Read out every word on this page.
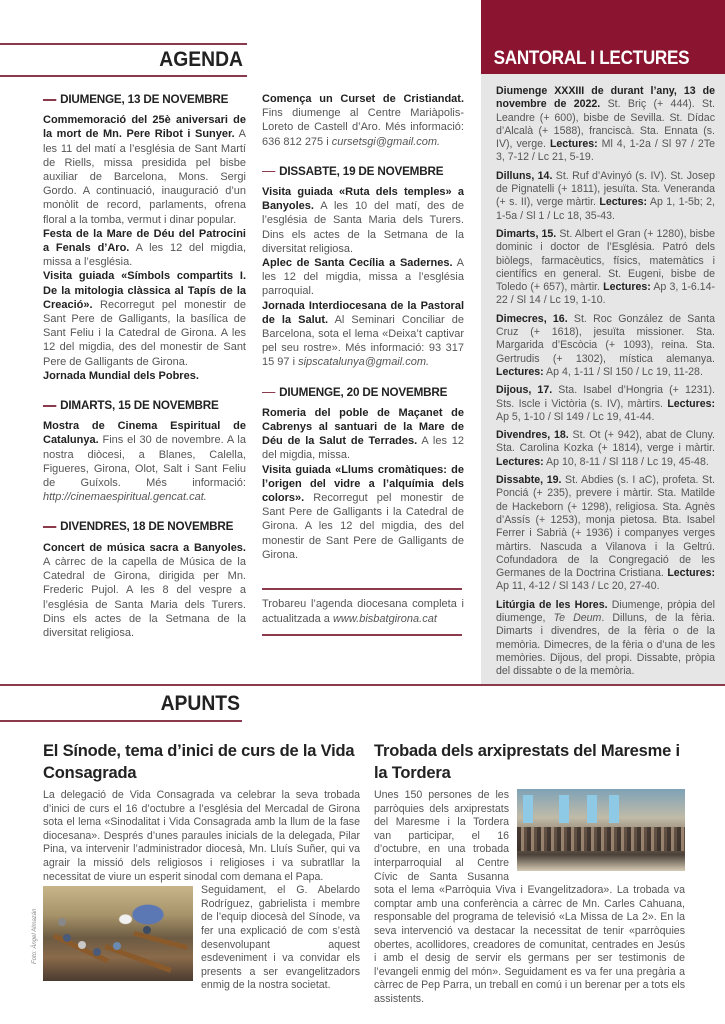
AGENDA
DIUMENGE, 13 DE NOVEMBRE

Commemoració del 25è aniversari de la mort de Mn. Pere Ribot i Sunyer. A les 11 del matí a l’església de Sant Martí de Riells, missa presidida pel bisbe auxiliar de Barcelona, Mons. Sergi Gordo. A continuació, inauguració d’un monòlit de record, parlaments, ofrena floral a la tomba, vermut i dinar popular.

Festa de la Mare de Déu del Patrocini a Fenals d’Aro. A les 12 del migdia, missa a l’església.

Visita guiada «Símbols compartits I. De la mitologia clàssica al Tapís de la Creació». Recorregut pel monestir de Sant Pere de Galligants, la basílica de Sant Feliu i la Catedral de Girona. A les 12 del migdia, des del monestir de Sant Pere de Galligants de Girona.

Jornada Mundial dels Pobres.

DIMARTS, 15 DE NOVEMBRE

Mostra de Cinema Espiritual de Catalunya. Fins el 30 de novembre. A la nostra diòcesi, a Blanes, Calella, Figueres, Girona, Olot, Salt i Sant Feliu de Guíxols. Més informació: http://cinemaespiritual.gencat.cat.

DIVENDRES, 18 DE NOVEMBRE

Concert de música sacra a Banyoles. A càrrec de la capella de Música de la Catedral de Girona, dirigida per Mn. Frederic Pujol. A les 8 del vespre a l’església de Santa Maria dels Turers. Dins els actes de la Setmana de la diversitat religiosa.

Comença un Curset de Cristiandat. Fins diumenge al Centre Mariàpolis-Loreto de Castell d’Aro. Més informació: 636 812 275 i cursetsgi@gmail.com.

DISSABTE, 19 DE NOVEMBRE

Visita guiada «Ruta dels temples» a Banyoles. A les 10 del matí, des de l’església de Santa Maria dels Turers. Dins els actes de la Setmana de la diversitat religiosa.

Aplec de Santa Cecília a Sadernes. A les 12 del migdia, missa a l’església parroquial.

Jornada Interdiocesana de la Pastoral de la Salut. Al Seminari Conciliar de Barcelona, sota el lema «Deixa’t captivar pel seu rostre». Més informació: 93 317 15 97 i sipscatalunya@gmail.com.

DIUMENGE, 20 DE NOVEMBRE

Romeria del poble de Maçanet de Cabrenys al santuari de la Mare de Déu de la Salut de Terrades. A les 12 del migdia, missa.

Visita guiada «Llums cromàtiques: de l’origen del vidre a l’alquímia dels colors». Recorregut pel monestir de Sant Pere de Galligants i la Catedral de Girona. A les 12 del migdia, des del monestir de Sant Pere de Galligants de Girona.

Trobareu l’agenda diocesana completa i actualitzada a www.bisbatgirona.cat

SANTORAL I LECTURES

Diumenge XXXIII de durant l’any, 13 de novembre de 2022. St. Briç (+ 444). St. Leandre (+ 600), bisbe de Sevilla. St. Dídac d’Alcalà (+ 1588), franciscà. Sta. Ennata (s. IV), verge. Lectures: Ml 4, 1-2a / Sl 97 / 2Te 3, 7-12 / Lc 21, 5-19.

Dilluns, 14. St. Ruf d’Avinyó (s. IV). St. Josep de Pignatelli (+ 1811), jesuïta. Sta. Veneranda (+ s. II), verge màrtir. Lectures: Ap 1, 1-5b; 2, 1-5a / Sl 1 / Lc 18, 35-43.

Dimarts, 15. St. Albert el Gran (+ 1280), bisbe dominic i doctor de l’Església. Patró dels biòlegs, farmacèutics, físics, matemàtics i científics en general. St. Eugeni, bisbe de Toledo (+ 657), màrtir. Lectures: Ap 3, 1-6.14-22 / Sl 14 / Lc 19, 1-10.

Dimecres, 16. St. Roc González de Santa Cruz (+ 1618), jesuïta missioner. Sta. Margarida d’Escòcia (+ 1093), reina. Sta. Gertrudis (+ 1302), mística alemanya. Lectures: Ap 4, 1-11 / Sl 150 / Lc 19, 11-28.

Dijous, 17. Sta. Isabel d’Hongria (+ 1231). Sts. Iscle i Victòria (s. IV), màrtirs. Lectures: Ap 5, 1-10 / Sl 149 / Lc 19, 41-44.

Divendres, 18. St. Ot (+ 942), abat de Cluny. Sta. Carolina Kozka (+ 1814), verge i màrtir. Lectures: Ap 10, 8-11 / Sl 118 / Lc 19, 45-48.

Dissabte, 19. St. Abdies (s. I aC), profeta. St. Ponciá (+ 235), prevere i màrtir. Sta. Matilde de Hackeborn (+ 1298), religiosa. Sta. Agnès d’Assís (+ 1253), monja pietosa. Bta. Isabel Ferrer i Sabrià (+ 1936) i companyes verges màrtirs. Nascuda a Vilanova i la Geltrú. Cofundadora de la Congregació de les Germanes de la Doctrina Cristiana. Lectures: Ap 11, 4-12 / Sl 143 / Lc 20, 27-40.

Litúrgia de les Hores. Diumenge, pròpia del diumenge, Te Deum. Dilluns, de la fèria. Dimarts i divendres, de la fèria o de la memòria. Dimecres, de la fèria o d’una de les memòries. Dijous, del propi. Dissabte, pròpia del dissabte o de la memòria.

APUNTS
El Sínode, tema d’inici de curs de la Vida Consagrada

La delegació de Vida Consagrada va celebrar la seva trobada d’inici de curs el 16 d’octubre a l’església del Mercadal de Girona sota el lema «Sinodalitat i Vida Consagrada amb la llum de la fase diocesana». Després d’unes paraules inicials de la delegada, Pilar Pina, va intervenir l’administrador diocesà, Mn. Lluís Suñer, qui va agrair la missió dels religiosos i religioses i va subratllar la necessitat de viure un esperit sinodal com demana el Papa.

Foto: Àngel Almazán

Seguidament, el G. Abelardo Rodríguez, gabrielista i membre de l’equip diocesà del Sínode, va fer una explicació de com s’està desenvolupant aquest esdeveniment i va convidar els presents a ser evangelitzadors enmig de la nostra societat.

Trobada dels arxiprestats del Maresme i la Tordera

Unes 150 persones de les parròquies dels arxiprestats del Maresme i la Tordera van participar, el 16 d’octubre, en una trobada interparroquial al Centre Cívic de Santa Susanna sota el lema «Parròquia Viva i Evangelitzadora». La trobada va comptar amb una conferència a càrrec de Mn. Carles Cahuana, responsable del programa de televisió «La Missa de La 2». En la seva intervenció va destacar la necessitat de tenir «parròquies obertes, acollidores, creadores de comunitat, centrades en Jesús i amb el desig de servir els germans per ser testimonis de l’evangeli enmig del món». Seguidament es va fer una pregària a càrrec de Pep Parra, un treball en comú i un berenar per a tots els assistents.
